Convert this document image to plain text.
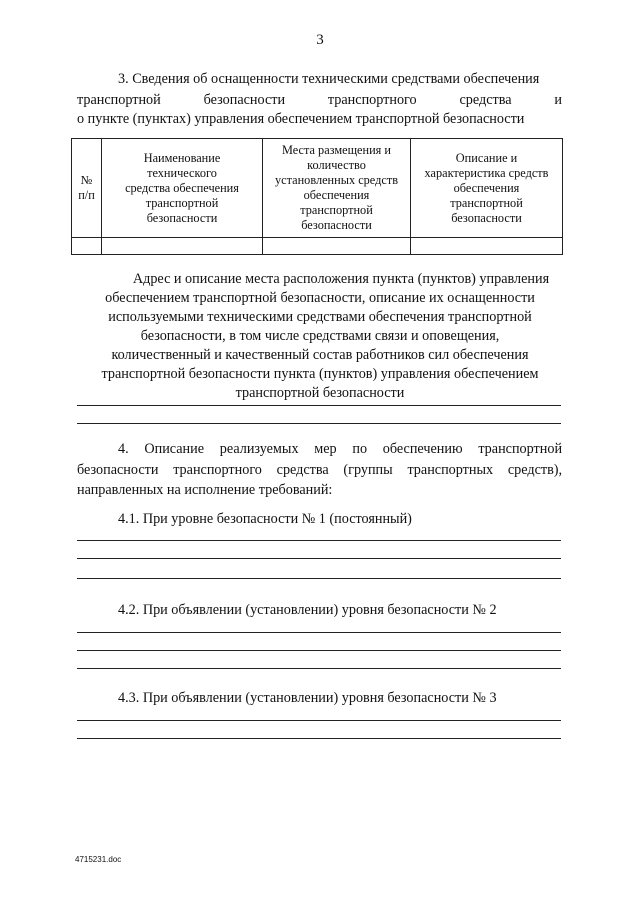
3
3. Сведения об оснащенности техническими средствами обеспечения
транспортной	безопасности	транспортного	средства	и
о пункте (пунктах) управления обеспечением транспортной безопасности
№ п/п	Наименование технического средства обеспечения транспортной безопасности	Места размещения и количество установленных средств обеспечения транспортной безопасности	Описание и характеристика средств обеспечения транспортной безопасности

Адрес и описание места расположения пункта (пунктов) управления
обеспечением транспортной безопасности, описание их оснащенности
используемыми техническими средствами обеспечения транспортной
безопасности, в том числе средствами связи и оповещения,
количественный и качественный состав работников сил обеспечения
транспортной безопасности пункта (пунктов) управления обеспечением
транспортной безопасности
4. Описание реализуемых мер по обеспечению транспортной
безопасности транспортного средства (группы транспортных средств),
направленных на исполнение требований:
4.1. При уровне безопасности № 1 (постоянный)
4.2. При объявлении (установлении) уровня безопасности № 2
4.3. При объявлении (установлении) уровня безопасности № 3
4715231.doc
